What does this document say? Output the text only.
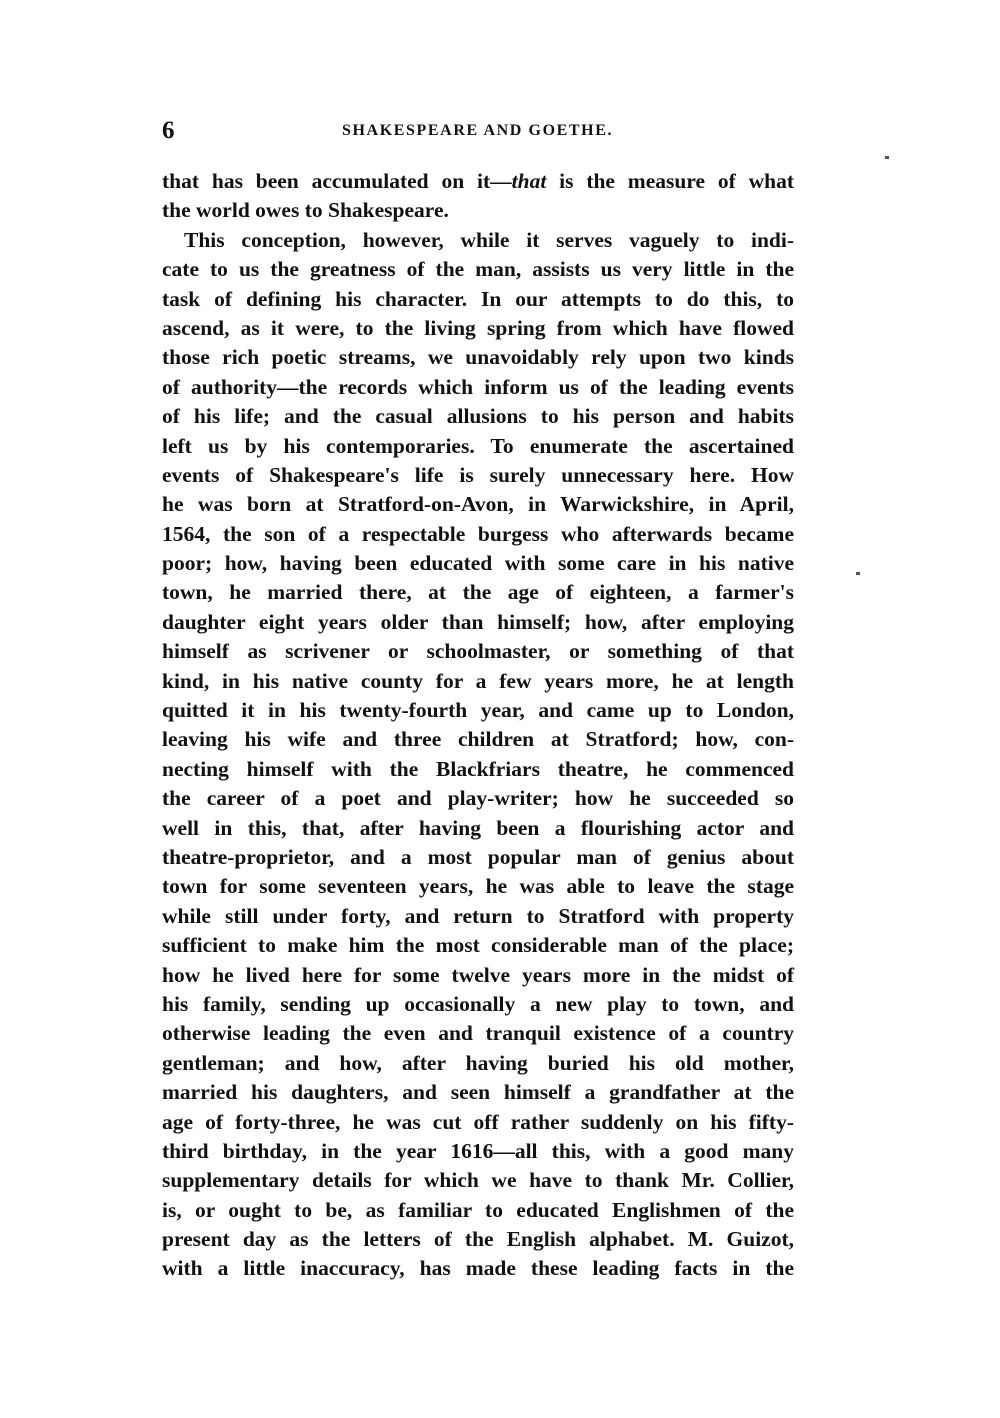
6	SHAKESPEARE AND GOETHE.
that has been accumulated on it—that is the measure of what
the world owes to Shakespeare.
This conception, however, while it serves vaguely to indi-
cate to us the greatness of the man, assists us very little in the
task of defining his character. In our attempts to do this, to
ascend, as it were, to the living spring from which have flowed
those rich poetic streams, we unavoidably rely upon two kinds
of authority—the records which inform us of the leading events
of his life; and the casual allusions to his person and habits
left us by his contemporaries. To enumerate the ascertained
events of Shakespeare's life is surely unnecessary here. How
he was born at Stratford-on-Avon, in Warwickshire, in April,
1564, the son of a respectable burgess who afterwards became
poor; how, having been educated with some care in his native
town, he married there, at the age of eighteen, a farmer's
daughter eight years older than himself; how, after employing
himself as scrivener or schoolmaster, or something of that
kind, in his native county for a few years more, he at length
quitted it in his twenty-fourth year, and came up to London,
leaving his wife and three children at Stratford; how, con-
necting himself with the Blackfriars theatre, he commenced
the career of a poet and play-writer; how he succeeded so
well in this, that, after having been a flourishing actor and
theatre-proprietor, and a most popular man of genius about
town for some seventeen years, he was able to leave the stage
while still under forty, and return to Stratford with property
sufficient to make him the most considerable man of the place;
how he lived here for some twelve years more in the midst of
his family, sending up occasionally a new play to town, and
otherwise leading the even and tranquil existence of a country
gentleman; and how, after having buried his old mother,
married his daughters, and seen himself a grandfather at the
age of forty-three, he was cut off rather suddenly on his fifty-
third birthday, in the year 1616—all this, with a good many
supplementary details for which we have to thank Mr. Collier,
is, or ought to be, as familiar to educated Englishmen of the
present day as the letters of the English alphabet. M. Guizot,
with a little inaccuracy, has made these leading facts in the
